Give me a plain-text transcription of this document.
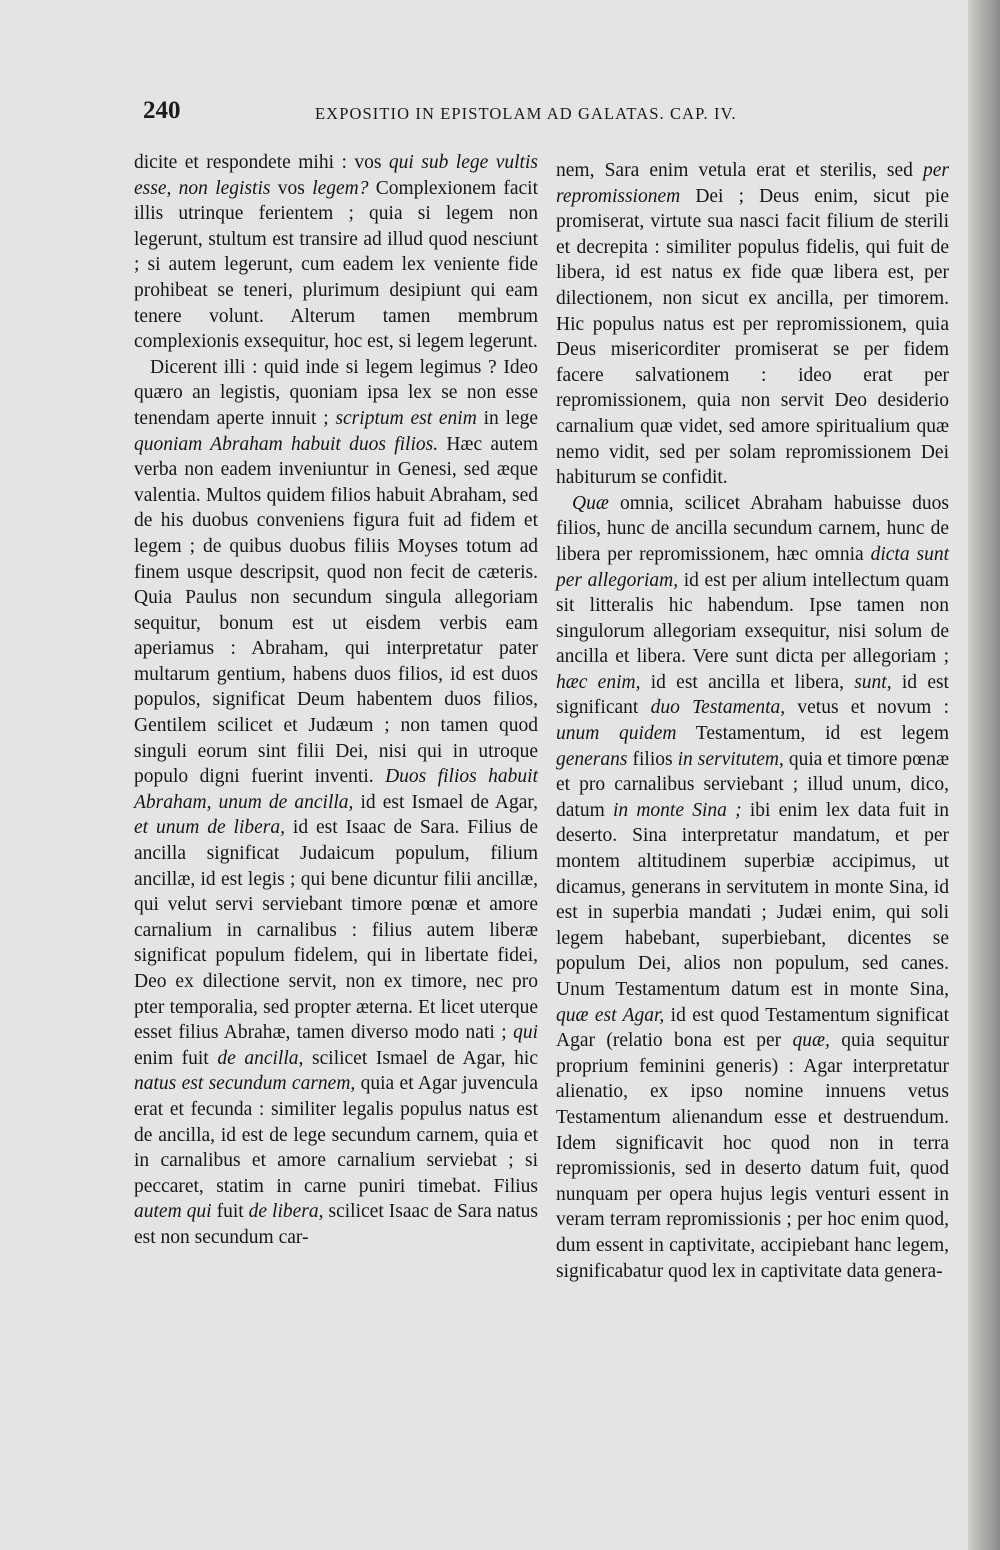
240	EXPOSITIO IN EPISTOLAM AD GALATAS. CAP. IV.

dicite et respondete mihi : vos qui sub lege vultis esse, non legistis vos legem? Complexionem facit illis utrinque ferientem ; quia si legem non legerunt, stultum est transire ad illud quod nesciunt ; si autem legerunt, cum eadem lex veniente fide prohibeat se teneri, plurimum desipiunt qui eam tenere volunt. Alterum tamen membrum complexionis exsequitur, hoc est, si legem legerunt.

Dicerent illi : quid inde si legem legimus ? Ideo quæro an legistis, quoniam ipsa lex se non esse tenendam aperte innuit ; scriptum est enim in lege quoniam Abraham habuit duos filios. Hæc autem verba non eadem inveniuntur in Genesi, sed æque valentia. Multos quidem filios habuit Abraham, sed de his duobus conveniens figura fuit ad fidem et legem ; de quibus duobus filiis Moyses totum ad finem usque descripsit, quod non fecit de cæteris. Quia Paulus non secundum singula allegoriam sequitur, bonum est ut eisdem verbis eam aperiamus : Abraham, qui interpretatur pater multarum gentium, habens duos filios, id est duos populos, significat Deum habentem duos filios, Gentilem scilicet et Judæum ; non tamen quod singuli eorum sint filii Dei, nisi qui in utroque populo digni fuerint inventi. Duos filios habuit Abraham, unum de ancilla, id est Ismael de Agar, et unum de libera, id est Isaac de Sara. Filius de ancilla significat Judaicum populum, filium ancillæ, id est legis ; qui bene dicuntur filii ancillæ, qui velut servi serviebant timore pœnæ et amore carnalium in carnalibus : filius autem liberæ significat populum fidelem, qui in libertate fidei, Deo ex dilectione servit, non ex timore, nec pro pter temporalia, sed propter æterna. Et licet uterque esset filius Abrahæ, tamen diverso modo nati ; qui enim fuit de ancilla, scilicet Ismael de Agar, hic natus est secundum carnem, quia et Agar juvencula erat et fecunda : similiter legalis populus natus est de ancilla, id est de lege secundum carnem, quia et in carnalibus et amore carnalium serviebat ; si peccaret, statim in carne puniri timebat. Filius autem qui fuit de libera, scilicet Isaac de Sara natus est non secundum car-

nem, Sara enim vetula erat et sterilis, sed per repromissionem Dei ; Deus enim, sicut pie promiserat, virtute sua nasci facit filium de sterili et decrepita : similiter populus fidelis, qui fuit de libera, id est natus ex fide quæ libera est, per dilectionem, non sicut ex ancilla, per timorem. Hic populus natus est per repromissionem, quia Deus misericorditer promiserat se per fidem facere salvationem : ideo erat per repromissionem, quia non servit Deo desiderio carnalium quæ videt, sed amore spiritualium quæ nemo vidit, sed per solam repromissionem Dei habiturum se confidit.

Quæ omnia, scilicet Abraham habuisse duos filios, hunc de ancilla secundum carnem, hunc de libera per repromissionem, hæc omnia dicta sunt per allegoriam, id est per alium intellectum quam sit litteralis hic habendum. Ipse tamen non singulorum allegoriam exsequitur, nisi solum de ancilla et libera. Vere sunt dicta per allegoriam ; hæc enim, id est ancilla et libera, sunt, id est significant duo Testamenta, vetus et novum : unum quidem Testamentum, id est legem generans filios in servitutem, quia et timore pœnæ et pro carnalibus serviebant ; illud unum, dico, datum in monte Sina ; ibi enim lex data fuit in deserto. Sina interpretatur mandatum, et per montem altitudinem superbiæ accipimus, ut dicamus, generans in servitutem in monte Sina, id est in superbia mandati ; Judæi enim, qui soli legem habebant, superbiebant, dicentes se populum Dei, alios non populum, sed canes. Unum Testamentum datum est in monte Sina, quæ est Agar, id est quod Testamentum significat Agar (relatio bona est per quæ, quia sequitur proprium feminini generis) : Agar interpretatur alienatio, ex ipso nomine innuens vetus Testamentum alienandum esse et destruendum. Idem significavit hoc quod non in terra repromissionis, sed in deserto datum fuit, quod nunquam per opera hujus legis venturi essent in veram terram repromissionis ; per hoc enim quod, dum essent in captivitate, accipiebant hanc legem, significabatur quod lex in captivitate data genera-
